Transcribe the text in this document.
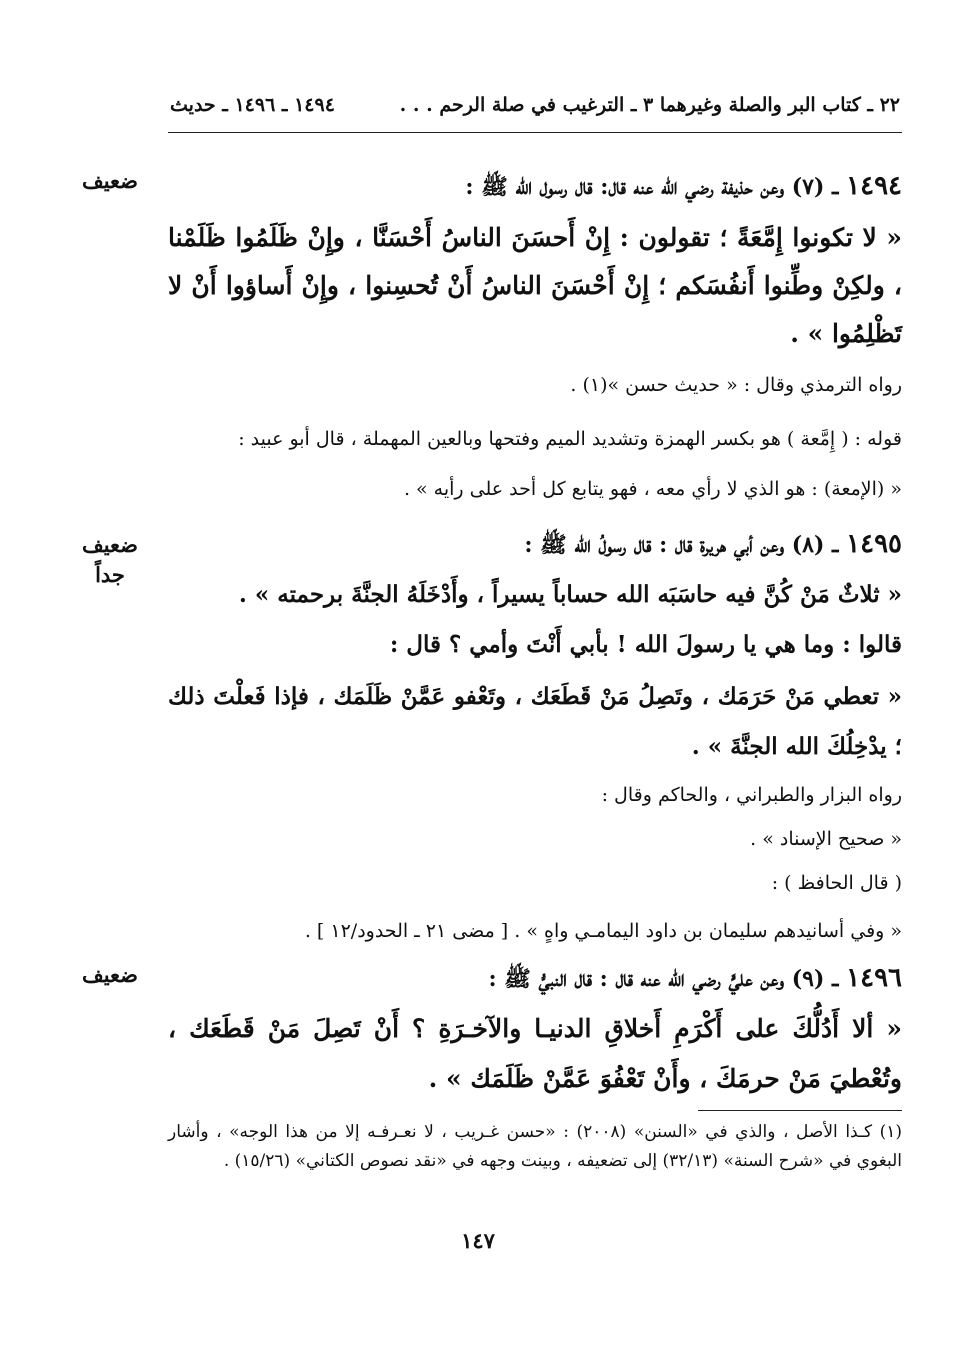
٢٢ ـ كتاب البر والصلة وغيرهما ٣ ـ الترغيب في صلة الرحم . . .
١٤٩٤ ـ ١٤٩٦ ـ حديث
ضعيف	١٤٩٤ ـ (٧) وعن حذيفة رضي الله عنه قال: قال رسول الله ﷺ :
« لا تكونوا إِمَّعَةً ؛ تقولون : إِنْ أَحسَنَ الناسُ أَحْسَنَّا ، وإِنْ ظَلَمُوا ظَلَمْنا ، ولكِنْ وطِّنوا أَنفُسَكم ؛ إِنْ أَحْسَنَ الناسُ أَنْ تُحسِنوا ، وإِنْ أَساؤوا أَنْ لا تَظْلِمُوا » .
رواه الترمذي وقال : « حديث حسن »(١) .
قوله : ( إِمَّعة ) هو بكسر الهمزة وتشديد الميم وفتحها وبالعين المهملة ، قال أبو عبيد :
« (الإمعة) : هو الذي لا رأي معه ، فهو يتابع كل أحد على رأيه » .
ضعيف
جداً
١٤٩٥ ـ (٨) وعن أبي هريرة قال : قال رسولُ الله ﷺ :
« ثلاثٌ مَنْ كُنَّ فيه حاسَبَه الله حساباً يسيراً ، وأَدْخَلَهُ الجنَّةَ برحمته » .
قالوا : وما هي يا رسولَ الله ! بأبي أَنْتَ وأمي ؟ قال :
« تعطي مَنْ حَرَمَك ، وتَصِلُ مَنْ قَطَعَك ، وتَعْفو عَمَّنْ ظَلَمَك ، فإذا فَعلْتَ ذلك ؛ يدْخِلُكَ الله الجنَّةَ » .
رواه البزار والطبراني ، والحاكم وقال :
« صحيح الإسناد » .
( قال الحافظ ) :
« وفي أسانيدهم سليمان بن داود اليمامـي واهٍ » . [ مضى ٢١ ـ الحدود/١٢ ] .
ضعيف	١٤٩٦ ـ (٩) وعن عليٍّ رضي الله عنه قال : قال النبيُّ ﷺ :
« ألا أَدُلُّكَ على أَكْرَمِ أَخلاقِ الدنيـا والآخـرَةِ ؟ أَنْ تَصِلَ مَنْ قَطَعَك ، وتُعْطيَ مَنْ حرمَكَ ، وأَنْ تَعْفُوَ عَمَّنْ ظَلَمَك » .
(١) كـذا الأصل ، والذي في «السنن» (٢٠٠٨) : «حسن غـريب ، لا نعـرفـه إلا من هذا الوجه» ، وأشار البغوي في «شرح السنة» (٣٢/١٣) إلى تضعيفه ، وبينت وجهه في «نقد نصوص الكتاني» (١٥/٢٦) .
١٤٧
